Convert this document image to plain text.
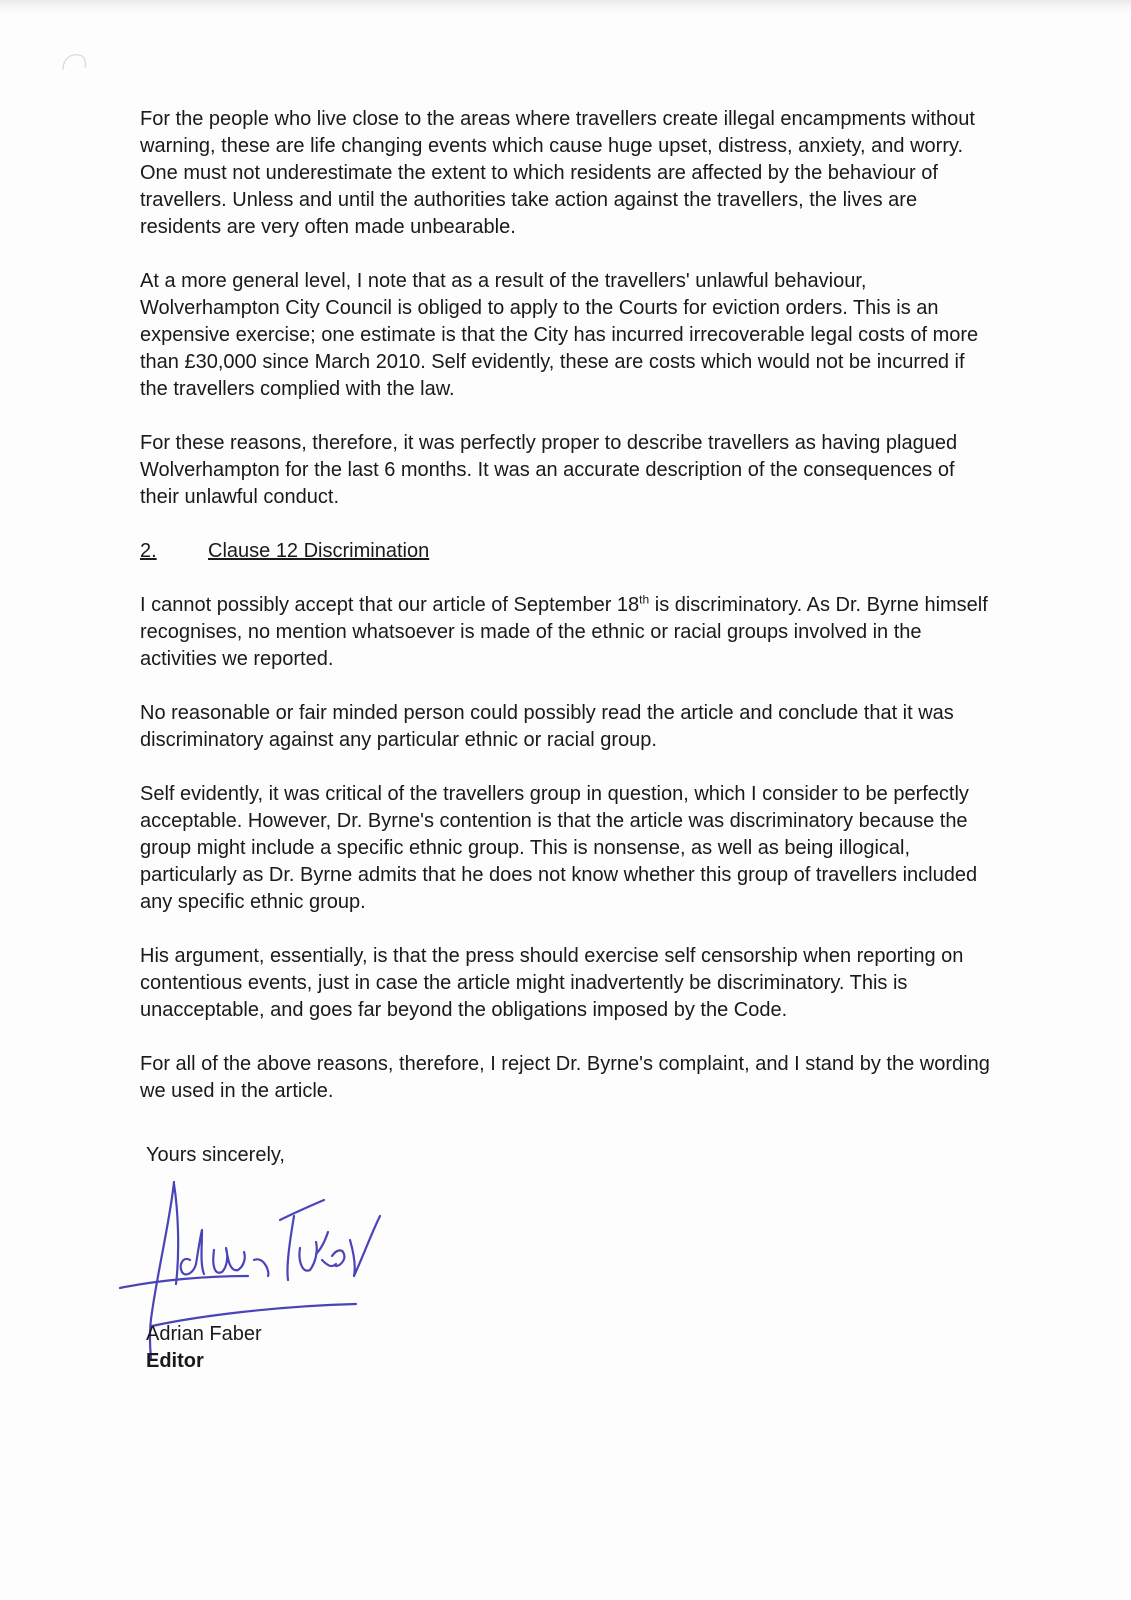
For the people who live close to the areas where travellers create illegal encampments without warning, these are life changing events which cause huge upset, distress, anxiety, and worry. One must not underestimate the extent to which residents are affected by the behaviour of travellers. Unless and until the authorities take action against the travellers, the lives are residents are very often made unbearable.

At a more general level, I note that as a result of the travellers' unlawful behaviour, Wolverhampton City Council is obliged to apply to the Courts for eviction orders. This is an expensive exercise; one estimate is that the City has incurred irrecoverable legal costs of more than £30,000 since March 2010. Self evidently, these are costs which would not be incurred if the travellers complied with the law.

For these reasons, therefore, it was perfectly proper to describe travellers as having plagued Wolverhampton for the last 6 months. It was an accurate description of the consequences of their unlawful conduct.

2.	Clause 12 Discrimination

I cannot possibly accept that our article of September 18th is discriminatory. As Dr. Byrne himself recognises, no mention whatsoever is made of the ethnic or racial groups involved in the activities we reported.

No reasonable or fair minded person could possibly read the article and conclude that it was discriminatory against any particular ethnic or racial group.

Self evidently, it was critical of the travellers group in question, which I consider to be perfectly acceptable. However, Dr. Byrne's contention is that the article was discriminatory because the group might include a specific ethnic group. This is nonsense, as well as being illogical, particularly as Dr. Byrne admits that he does not know whether this group of travellers included any specific ethnic group.

His argument, essentially, is that the press should exercise self censorship when reporting on contentious events, just in case the article might inadvertently be discriminatory. This is unacceptable, and goes far beyond the obligations imposed by the Code.

For all of the above reasons, therefore, I reject Dr. Byrne's complaint, and I stand by the wording we used in the article.

Yours sincerely,
Adrian Faber
Editor
